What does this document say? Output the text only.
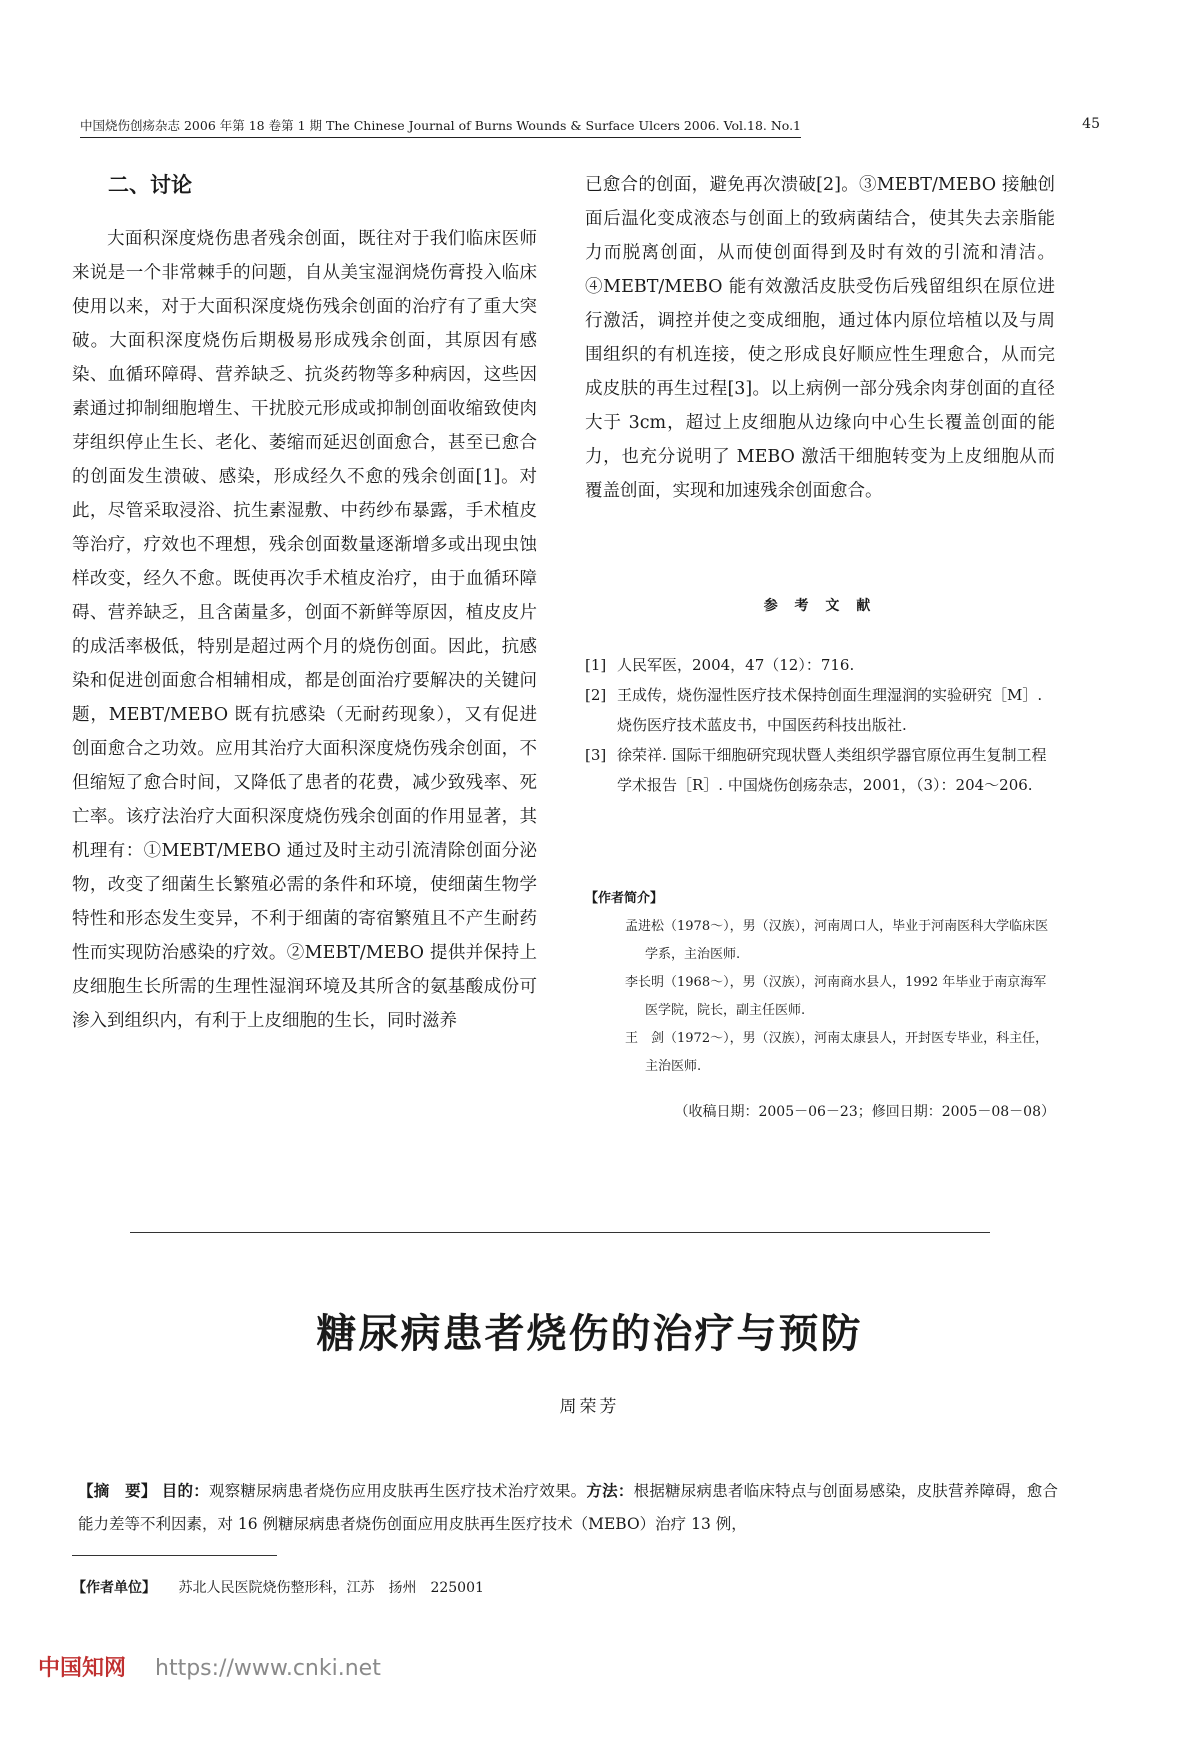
中国烧伤创疡杂志 2006 年第 18 卷第 1 期 The Chinese Journal of Burns Wounds & Surface Ulcers 2006. Vol.18. No.1	45
二、讨论

大面积深度烧伤患者残余创面，既往对于我们临床医师来说是一个非常棘手的问题，自从美宝湿润烧伤膏投入临床使用以来，对于大面积深度烧伤残余创面的治疗有了重大突破。大面积深度烧伤后期极易形成残余创面，其原因有感染、血循环障碍、营养缺乏、抗炎药物等多种病因，这些因素通过抑制细胞增生、干扰胶元形成或抑制创面收缩致使肉芽组织停止生长、老化、萎缩而延迟创面愈合，甚至已愈合的创面发生溃破、感染，形成经久不愈的残余创面[1]。对此，尽管采取浸浴、抗生素湿敷、中药纱布暴露，手术植皮等治疗，疗效也不理想，残余创面数量逐渐增多或出现虫蚀样改变，经久不愈。既使再次手术植皮治疗，由于血循环障碍、营养缺乏，且含菌量多，创面不新鲜等原因，植皮皮片的成活率极低，特别是超过两个月的烧伤创面。因此，抗感染和促进创面愈合相辅相成，都是创面治疗要解决的关键问题，MEBT/MEBO 既有抗感染（无耐药现象），又有促进创面愈合之功效。应用其治疗大面积深度烧伤残余创面，不但缩短了愈合时间，又降低了患者的花费，减少致残率、死亡率。该疗法治疗大面积深度烧伤残余创面的作用显著，其机理有：①MEBT/MEBO 通过及时主动引流清除创面分泌物，改变了细菌生长繁殖必需的条件和环境，使细菌生物学特性和形态发生变异，不利于细菌的寄宿繁殖且不产生耐药性而实现防治感染的疗效。②MEBT/MEBO 提供并保持上皮细胞生长所需的生理性湿润环境及其所含的氨基酸成份可渗入到组织内，有利于上皮细胞的生长，同时滋养

已愈合的创面，避免再次溃破[2]。③MEBT/MEBO 接触创面后温化变成液态与创面上的致病菌结合，使其失去亲脂能力而脱离创面，从而使创面得到及时有效的引流和清洁。④MEBT/MEBO 能有效激活皮肤受伤后残留组织在原位进行激活，调控并使之变成细胞，通过体内原位培植以及与周围组织的有机连接，使之形成良好顺应性生理愈合，从而完成皮肤的再生过程[3]。以上病例一部分残余肉芽创面的直径大于 3cm，超过上皮细胞从边缘向中心生长覆盖创面的能力，也充分说明了 MEBO 激活干细胞转变为上皮细胞从而覆盖创面，实现和加速残余创面愈合。

参 考 文 献
[1] 人民军医，2004，47（12）：716.
[2] 王成传，烧伤湿性医疗技术保持创面生理湿润的实验研究［M］. 烧伤医疗技术蓝皮书，中国医药科技出版社.
[3] 徐荣祥. 国际干细胞研究现状暨人类组织学器官原位再生复制工程学术报告［R］. 中国烧伤创疡杂志，2001，（3）：204～206.
【作者简介】
孟进松（1978～），男（汉族），河南周口人，毕业于河南医科大学临床医学系，主治医师.
李长明（1968～），男（汉族），河南商水县人，1992 年毕业于南京海军医学院，院长，副主任医师.
王　剑（1972～），男（汉族），河南太康县人，开封医专毕业，科主任，主治医师.
（收稿日期：2005－06－23；修回日期：2005－08－08）
糖尿病患者烧伤的治疗与预防
周荣芳
【摘　要】 目的：观察糖尿病患者烧伤应用皮肤再生医疗技术治疗效果。方法：根据糖尿病患者临床特点与创面易感染，皮肤营养障碍，愈合能力差等不利因素，对 16 例糖尿病患者烧伤创面应用皮肤再生医疗技术（MEBO）治疗 13 例，
【作者单位】 苏北人民医院烧伤整形科，江苏　扬州　225001
中国知网 https://www.cnki.net
